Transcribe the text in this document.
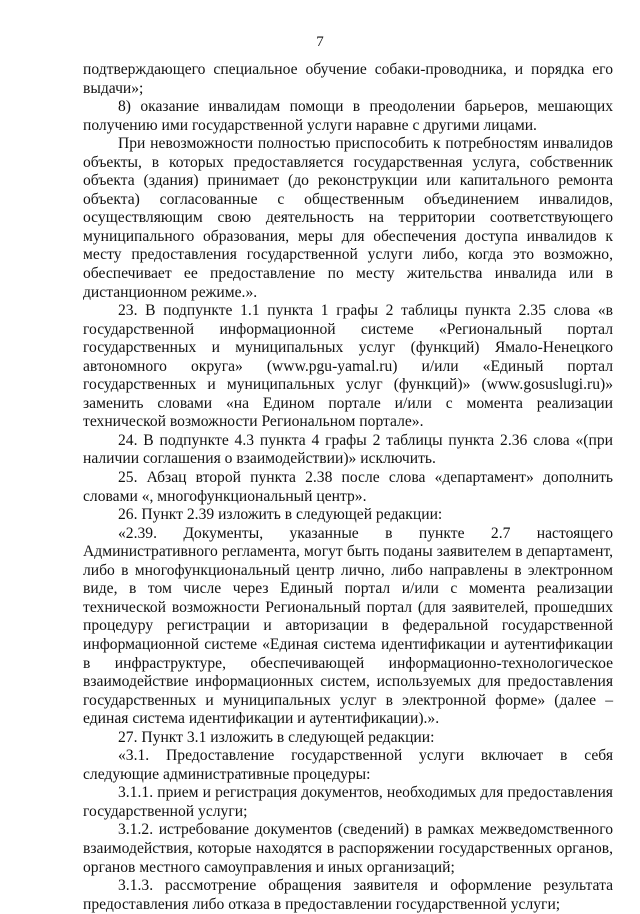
7

подтверждающего специальное обучение собаки-проводника, и порядка его выдачи»;

8) оказание инвалидам помощи в преодолении барьеров, мешающих получению ими государственной услуги наравне с другими лицами.

При невозможности полностью приспособить к потребностям инвалидов объекты, в которых предоставляется государственная услуга, собственник объекта (здания) принимает (до реконструкции или капитального ремонта объекта) согласованные с общественным объединением инвалидов, осуществляющим свою деятельность на территории соответствующего муниципального образования, меры для обеспечения доступа инвалидов к месту предоставления государственной услуги либо, когда это возможно, обеспечивает ее предоставление по месту жительства инвалида или в дистанционном режиме.».

23. В подпункте 1.1 пункта 1 графы 2 таблицы пункта 2.35 слова «в государственной информационной системе «Региональный портал государственных и муниципальных услуг (функций) Ямало-Ненецкого автономного округа» (www.pgu-yamal.ru) и/или «Единый портал государственных и муниципальных услуг (функций)» (www.gosuslugi.ru)» заменить словами «на Едином портале и/или с момента реализации технической возможности Региональном портале».

24. В подпункте 4.3 пункта 4 графы 2 таблицы пункта 2.36 слова «(при наличии соглашения о взаимодействии)» исключить.

25. Абзац второй пункта 2.38 после слова «департамент» дополнить словами «, многофункциональный центр».

26. Пункт 2.39 изложить в следующей редакции:

«2.39. Документы, указанные в пункте 2.7 настоящего Административного регламента, могут быть поданы заявителем в департамент, либо в многофункциональный центр лично, либо направлены в электронном виде, в том числе через Единый портал и/или с момента реализации технической возможности Региональный портал (для заявителей, прошедших процедуру регистрации и авторизации в федеральной государственной информационной системе «Единая система идентификации и аутентификации в инфраструктуре, обеспечивающей информационно-технологическое взаимодействие информационных систем, используемых для предоставления государственных и муниципальных услуг в электронной форме» (далее – единая система идентификации и аутентификации).».

27. Пункт 3.1 изложить в следующей редакции:

«3.1. Предоставление государственной услуги включает в себя следующие административные процедуры:

3.1.1. прием и регистрация документов, необходимых для предоставления государственной услуги;

3.1.2. истребование документов (сведений) в рамках межведомственного взаимодействия, которые находятся в распоряжении государственных органов, органов местного самоуправления и иных организаций;

3.1.3. рассмотрение обращения заявителя и оформление результата предоставления либо отказа в предоставлении государственной услуги;
